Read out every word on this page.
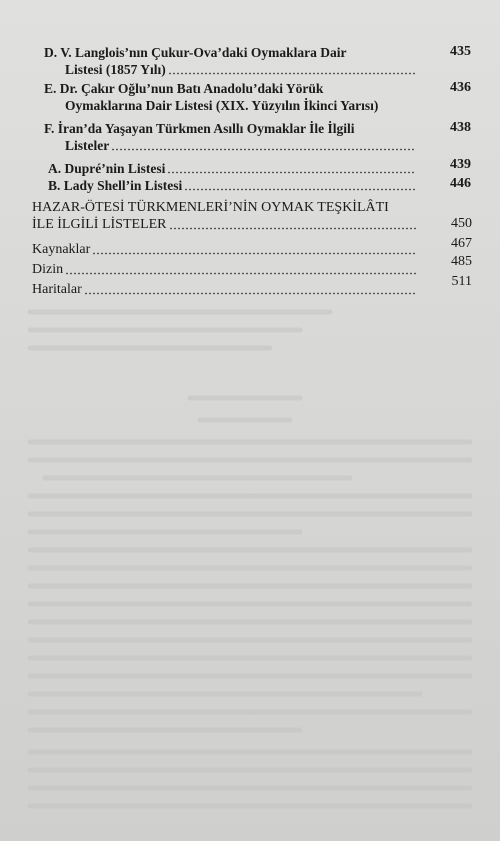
D. V. Langlois’nın Çukur-Ova’daki Oymaklara Dair
Listesi (1857 Yılı)
435
E. Dr. Çakır Oğlu’nun Batı Anadolu’daki Yörük
Oymaklarına Dair Listesi (XIX. Yüzyılın İkinci Yarısı)
436
F. İran’da Yaşayan Türkmen Asıllı Oymaklar İle İlgili
Listeler
438
A. Dupré’nin Listesi	439
B. Lady Shell’in Listesi	446
HAZAR-ÖTESİ TÜRKMENLERİ’NİN OYMAK TEŞKİLÂTI
İLE İLGİLİ LİSTELER	450
Kaynaklar	467
Dizin
485
Haritalar
511
